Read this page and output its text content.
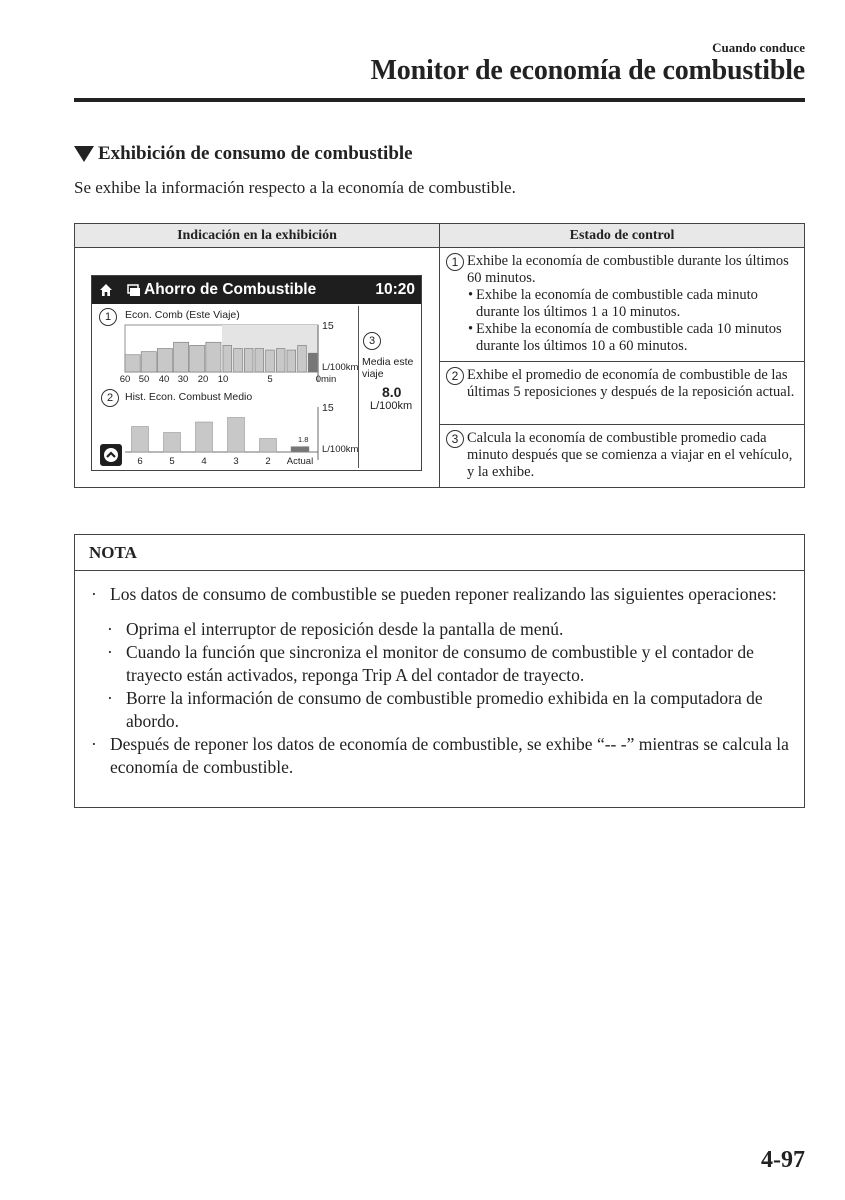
Cuando conduce
Monitor de economía de combustible
Exhibición de consumo de combustible
Se exhibe la información respecto a la economía de combustible.
Indicación en la exhibición	Estado de control
Ahorro de Combustible	10:20
1	Econ. Comb (Este Viaje)
15
L/100km
60 50 40 30 20 10	5	0min
2	Hist. Econ. Combust Medio
15
L/100km
1.8
6	5	4	3	2 Actual
3
Media este viaje
8.0
L/100km
1 Exhibe la economía de combustible durante los últimos 60 minutos.
• Exhibe la economía de combustible cada minuto durante los últimos 1 a 10 minutos.
• Exhibe la economía de combustible cada 10 minutos durante los últimos 10 a 60 minutos.
2 Exhibe el promedio de economía de combustible de las últimas 5 reposiciones y después de la reposición actual.
3 Calcula la economía de combustible promedio cada minuto después que se comienza a viajar en el vehículo, y la exhibe.
NOTA
· Los datos de consumo de combustible se pueden reponer realizando las siguientes operaciones:
· Oprima el interruptor de reposición desde la pantalla de menú.
· Cuando la función que sincroniza el monitor de consumo de combustible y el contador de trayecto están activados, reponga Trip A del contador de trayecto.
· Borre la información de consumo de combustible promedio exhibida en la computadora de abordo.
· Después de reponer los datos de economía de combustible, se exhibe “-- -” mientras se calcula la economía de combustible.
4-97
